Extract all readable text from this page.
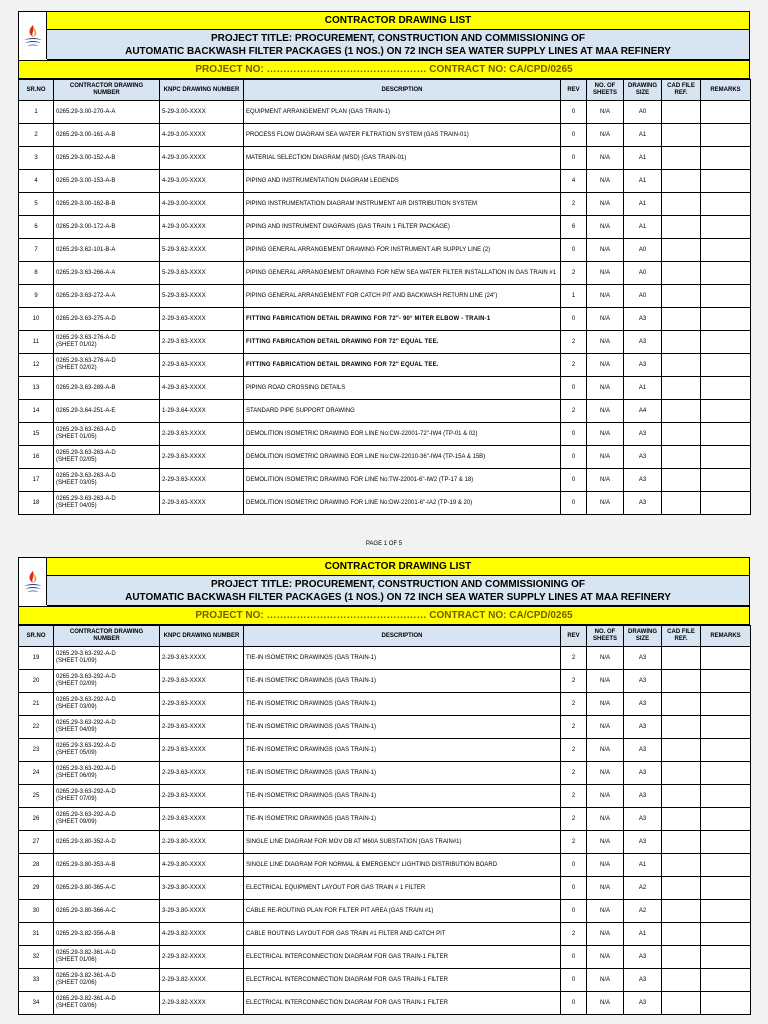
CONTRACTOR DRAWING LIST
PROJECT TITLE: PROCUREMENT, CONSTRUCTION AND COMMISSIONING OF
AUTOMATIC BACKWASH FILTER PACKAGES (1 NOS.) ON 72 INCH SEA WATER SUPPLY LINES AT MAA REFINERY
PROJECT NO: ………………………………………… CONTRACT NO: CA/CPD/0265
SR.NO	CONTRACTOR DRAWING NUMBER	KNPC DRAWING NUMBER	DESCRIPTION	REV	NO. OF SHEETS	DRAWING SIZE	CAD FILE REF.	REMARKS
1	0265.29-3.00-270-A-A	5-29-3.00-XXXX	EQUIPMENT ARRANGEMENT PLAN (GAS TRAIN-1)	0	N/A	A0		
2	0265.29-3.00-161-A-B	4-29-3.00-XXXX	PROCESS FLOW DIAGRAM SEA WATER FILTRATION SYSTEM (GAS TRAIN-01)	0	N/A	A1		
3	0265.29-3.00-152-A-B	4-29-3.00-XXXX	MATERIAL SELECTION DIAGRAM (MSD) (GAS TRAIN-01)	0	N/A	A1		
4	0265.29-3.00-153-A-B	4-29-3.00-XXXX	PIPING AND INSTRUMENTATION DIAGRAM LEGENDS	4	N/A	A1		
5	0265.29-3.00-162-B-B	4-29-3.00-XXXX	PIPING INSTRUMENTATION DIAGRAM INSTRUMENT AIR DISTRIBUTION SYSTEM	2	N/A	A1		
6	0265.29-3.00-172-A-B	4-29-3.00-XXXX	PIPING AND INSTRUMENT DIAGRAMS (GAS TRAIN 1 FILTER PACKAGE)	6	N/A	A1		
7	0265.29-3.62-101-B-A	5-29-3.62-XXXX	PIPING GENERAL ARRANGEMENT DRAWING FOR INSTRUMENT AIR SUPPLY LINE (2)	0	N/A	A0		
8	0265.29-3.63-266-A-A	5-29-3.63-XXXX	PIPING GENERAL ARRANGEMENT DRAWING FOR NEW SEA WATER FILTER INSTALLATION IN GAS TRAIN #1	2	N/A	A0		
9	0265.29-3.63-272-A-A	5-29-3.63-XXXX	PIPING GENERAL ARRANGEMENT FOR CATCH PIT AND BACKWASH RETURN LINE (24")	1	N/A	A0		
10	0265.29-3.63-275-A-D	2-29-3.63-XXXX	FITTING FABRICATION DETAIL DRAWING FOR 72"- 90° MITER ELBOW - TRAIN-1	0	N/A	A3		
11	0265.29-3.63-276-A-D
(SHEET 01/02)	2-29-3.63-XXXX	FITTING FABRICATION DETAIL DRAWING FOR 72" EQUAL TEE.	2	N/A	A3		
12	0265.29-3.63-276-A-D
(SHEET 02/02)	2-29-3.63-XXXX	FITTING FABRICATION DETAIL DRAWING FOR 72" EQUAL TEE.	2	N/A	A3		
13	0265.29-3.63-289-A-B	4-29-3.63-XXXX	PIPING ROAD CROSSING DETAILS	0	N/A	A1		
14	0265.29-3.64-251-A-E	1-29-3.64-XXXX	STANDARD PIPE SUPPORT DRAWING	2	N/A	A4		
15	0265.29-3.63-263-A-D
(SHEET 01/05)	2-29-3.63-XXXX	DEMOLITION ISOMETRIC DRAWING EOR LINE No:CW-22001-72"-IW4 (TP-01 & 02)	0	N/A	A3		
16	0265.29-3.63-263-A-D
(SHEET 02/05)	2-29-3.63-XXXX	DEMOLITION ISOMETRIC DRAWING EOR LINE No:CW-22010-36"-IW4 (TP-15A & 15B)	0	N/A	A3		
17	0265.29-3.63-263-A-D
(SHEET 03/05)	2-29-3.63-XXXX	DEMOLITION ISOMETRIC DRAWING FOR LINE No:TW-22001-6"-IW2 (TP-17 & 18)	0	N/A	A3		
18	0265.29-3.63-263-A-D
(SHEET 04/05)	2-29-3.63-XXXX	DEMOLITION ISOMETRIC DRAWING FOR LINE No:DW-22001-6"-IA2 (TP-19 & 20)	0	N/A	A3		
PAGE 1 OF 5
CONTRACTOR DRAWING LIST
PROJECT TITLE: PROCUREMENT, CONSTRUCTION AND COMMISSIONING OF
AUTOMATIC BACKWASH FILTER PACKAGES (1 NOS.) ON 72 INCH SEA WATER SUPPLY LINES AT MAA REFINERY
PROJECT NO: ………………………………………… CONTRACT NO: CA/CPD/0265
SR.NO	CONTRACTOR DRAWING NUMBER	KNPC DRAWING NUMBER	DESCRIPTION	REV	NO. OF SHEETS	DRAWING SIZE	CAD FILE REF.	REMARKS
19	0265.29-3.63-292-A-D
(SHEET 01/09)	2-29-3.63-XXXX	TIE-IN ISOMETRIC DRAWINGS (GAS TRAIN-1)	2	N/A	A3		
20	0265.29-3.63-292-A-D
(SHEET 02/09)	2-29-3.63-XXXX	TIE-IN ISOMETRIC DRAWINGS (GAS TRAIN-1)	2	N/A	A3		
21	0265.29-3.63-292-A-D
(SHEET 03/09)	2-29-3.63-XXXX	TIE-IN ISOMETRIC DRAWINGS (GAS TRAIN-1)	2	N/A	A3		
22	0265.29-3.63-292-A-D
(SHEET 04/09)	2-29-3.63-XXXX	TIE-IN ISOMETRIC DRAWINGS (GAS TRAIN-1)	2	N/A	A3		
23	0265.29-3.63-292-A-D
(SHEET 05/09)	2-29-3.63-XXXX	TIE-IN ISOMETRIC DRAWINGS (GAS TRAIN-1)	2	N/A	A3		
24	0265.29-3.63-292-A-D
(SHEET 06/09)	2-29-3.63-XXXX	TIE-IN ISOMETRIC DRAWINGS (GAS TRAIN-1)	2	N/A	A3		
25	0265.29-3.63-292-A-D
(SHEET 07/09)	2-29-3.63-XXXX	TIE-IN ISOMETRIC DRAWINGS (GAS TRAIN-1)	2	N/A	A3		
26	0265.29-3.63-292-A-D
(SHEET 09/09)	2-29-3.63-XXXX	TIE-IN ISOMETRIC DRAWINGS (GAS TRAIN-1)	2	N/A	A3		
27	0265.29-3.80-352-A-D	2-29-3.80-XXXX	SINGLE LINE DIAGRAM FOR MOV DB AT M60A SUBSTATION (GAS TRAIN#1)	2	N/A	A3		
28	0265.29-3.80-353-A-B	4-29-3.80-XXXX	SINGLE LINE DIAGRAM FOR NORMAL & EMERGENCY LIGHTING DISTRIBUTION BOARD	0	N/A	A1		
29	0265.29-3.80-365-A-C	3-29-3.80-XXXX	ELECTRICAL EQUIPMENT LAYOUT FOR GAS TRAIN # 1 FILTER	0	N/A	A2		
30	0265.29-3.80-366-A-C	3-29-3.80-XXXX	CABLE RE-ROUTING PLAN FOR FILTER PIT AREA (GAS TRAIN #1)	0	N/A	A2		
31	0265.29-3.82-356-A-B	4-29-3.82-XXXX	CABLE ROUTING LAYOUT FOR GAS TRAIN #1 FILTER AND CATCH PIT	2	N/A	A1		
32	0265.29-3.82-361-A-D
(SHEET 01/06)	2-29-3.82-XXXX	ELECTRICAL INTERCONNECTION DIAGRAM FOR GAS TRAIN-1 FILTER	0	N/A	A3		
33	0265.29-3.82-361-A-D
(SHEET 02/06)	2-29-3.82-XXXX	ELECTRICAL INTERCONNECTION DIAGRAM FOR GAS TRAIN-1 FILTER	0	N/A	A3		
34	0265.29-3.82-361-A-D
(SHEET 03/06)	2-29-3.82-XXXX	ELECTRICAL INTERCONNECTION DIAGRAM FOR GAS TRAIN-1 FILTER	0	N/A	A3		
